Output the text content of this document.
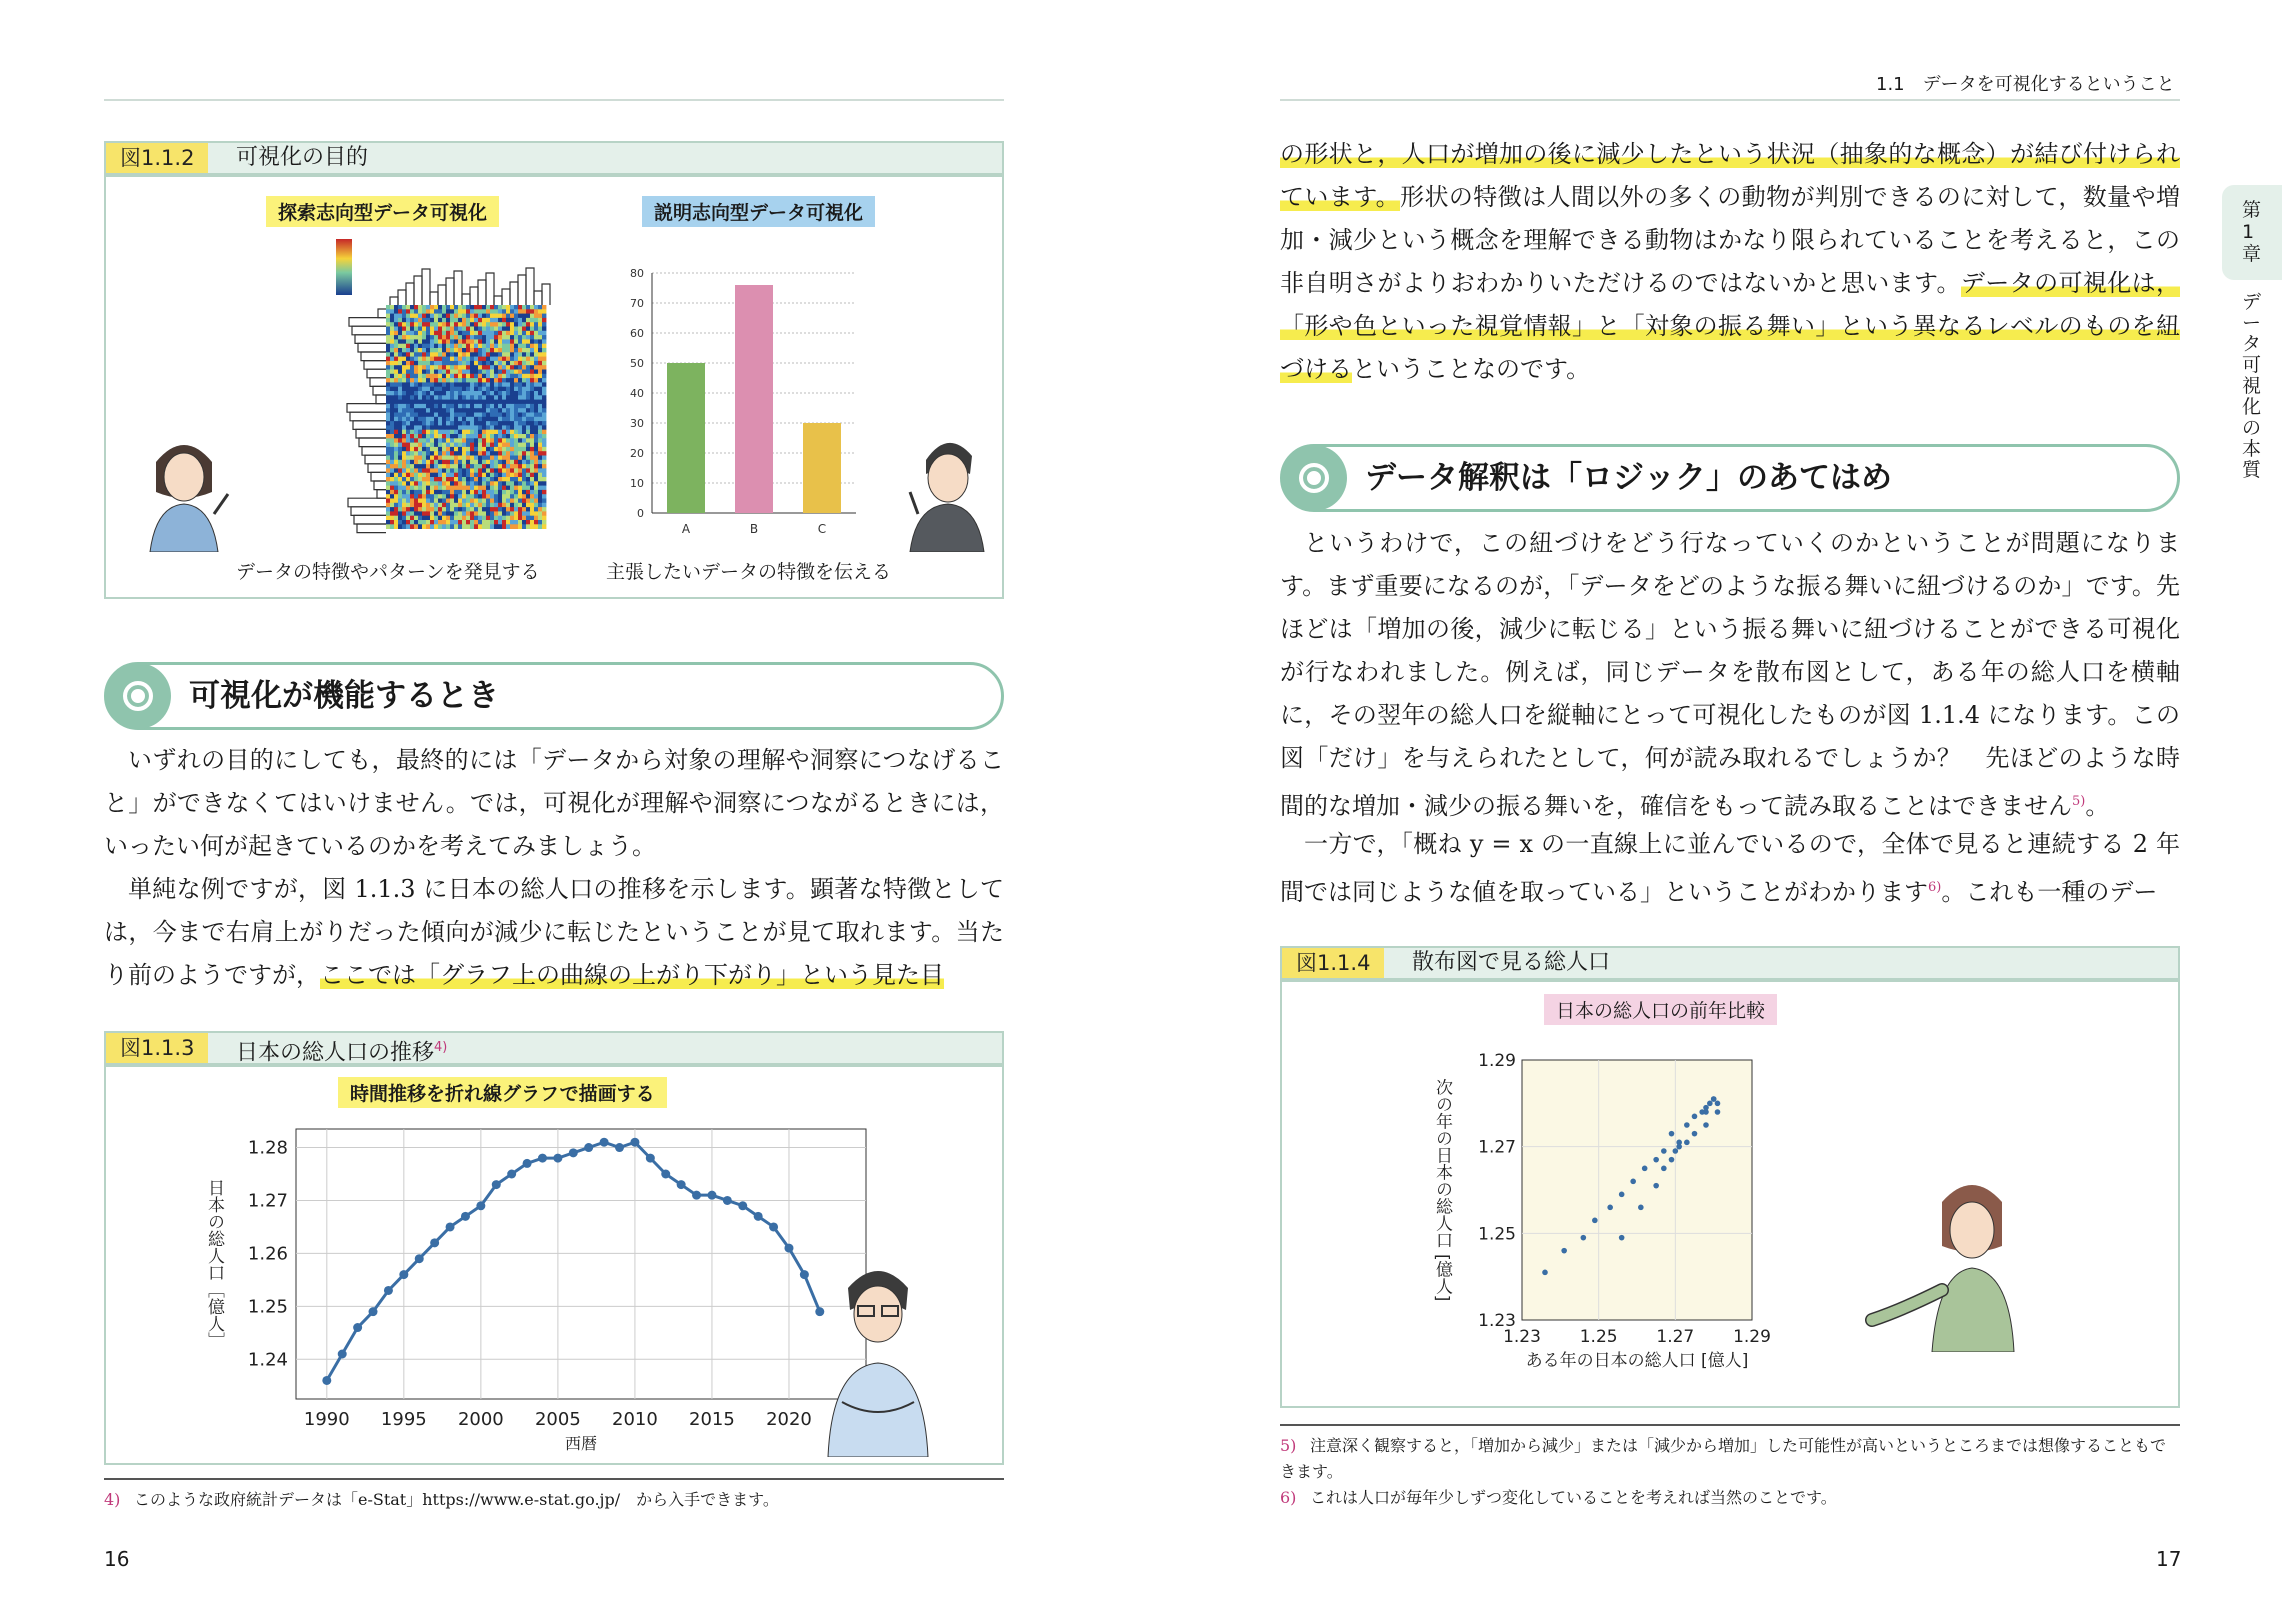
図1.1.2	可視化の目的
探索志向型データ可視化	説明志向型データ可視化
0
10
20
30
40
50
60
70
80
A	B	C
データの特徴やパターンを発見する	主張したいデータの特徴を伝える
可視化が機能するとき
いずれの目的にしても，最終的には「データから対象の理解や洞察につなげること」ができなくてはいけません。では，可視化が理解や洞察につながるときには，いったい何が起きているのかを考えてみましょう。
単純な例ですが，図 1.1.3 に日本の総人口の推移を示します。顕著な特徴としては，今まで右肩上がりだった傾向が減少に転じたということが見て取れます。当たり前のようですが，ここでは「グラフ上の曲線の上がり下がり」という見た目
図1.1.3	日本の総人口の推移$^{4)}$
時間推移を折れ線グラフで描画する
1.24
1.25
1.26
1.27
1.28
1990 1995 2000 2005 2010 2015 2020
西暦
日本の総人口［億人］
4) このような政府統計データは「e-Stat」https://www.e-stat.go.jp/　から入手できます。
16
1.1　データを可視化するということ
第1章
データ可視化の本質
の形状と，人口が増加の後に減少したという状況（抽象的な概念）が結び付けられています。形状の特徴は人間以外の多くの動物が判別できるのに対して，数量や増加・減少という概念を理解できる動物はかなり限られていることを考えると，この非自明さがよりおわかりいただけるのではないかと思います。データの可視化は，「形や色といった視覚情報」と「対象の振る舞い」という異なるレベルのものを紐づけるということなのです。
データ解釈は「ロジック」のあてはめ
というわけで，この紐づけをどう行なっていくのかということが問題になります。まず重要になるのが，「データをどのような振る舞いに紐づけるのか」です。先ほどは「増加の後，減少に転じる」という振る舞いに紐づけることができる可視化が行なわれました。例えば，同じデータを散布図として，ある年の総人口を横軸に，その翌年の総人口を縦軸にとって可視化したものが図 1.1.4 になります。この図「だけ」を与えられたとして，何が読み取れるでしょうか？　先ほどのような時間的な増加・減少の振る舞いを，確信をもって読み取ることはできません$^{5)}$。
一方で，「概ね y = x の一直線上に並んでいるので，全体で見ると連続する 2 年間では同じような値を取っている」ということがわかります$^{6)}$。これも一種のデー
図1.1.4	散布図で見る総人口
日本の総人口の前年比較
1.23
1.25
1.27
1.29
1.23 1.25 1.27 1.29
ある年の日本の総人口 [億人]
次の年の日本の総人口 [億人]
5) 注意深く観察すると，「増加から減少」または「減少から増加」した可能性が高いというところまでは想像することもできます。
6) これは人口が毎年少しずつ変化していることを考えれば当然のことです。
17
